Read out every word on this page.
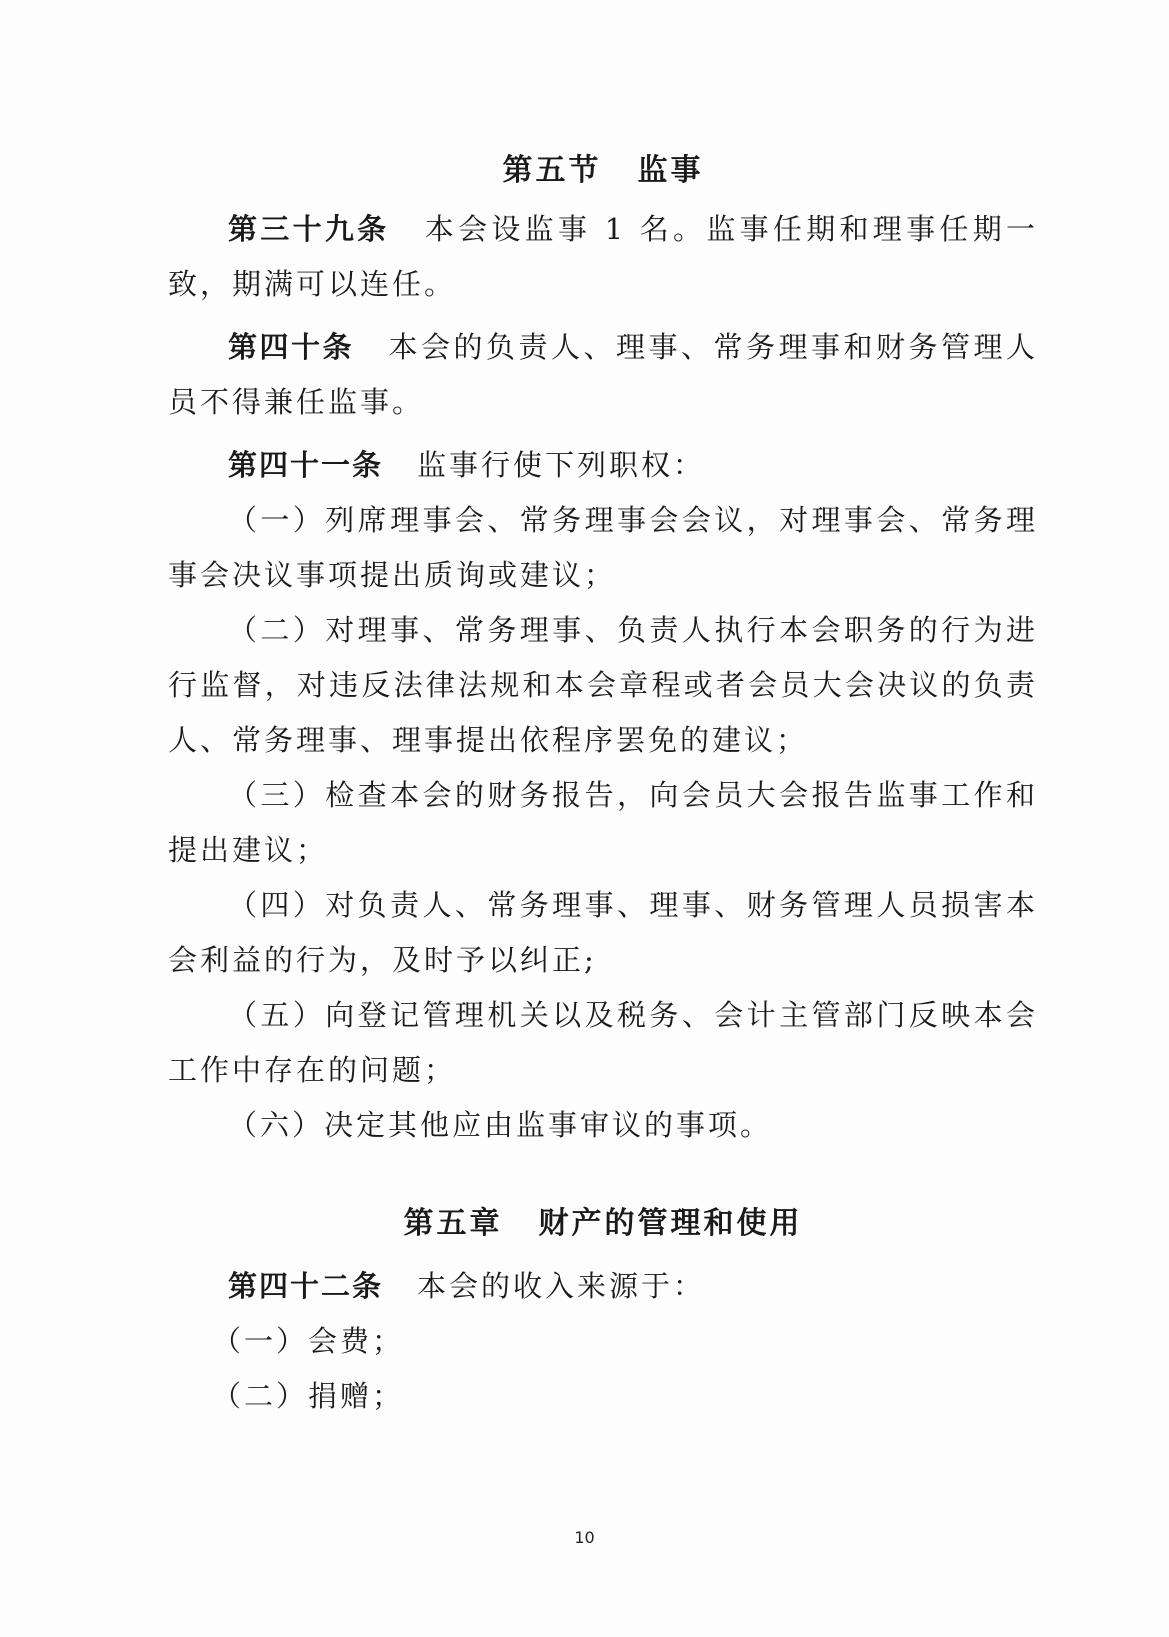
第五节 监事

第三十九条 本会设监事 1 名。监事任期和理事任期一致，期满可以连任。

第四十条 本会的负责人、理事、常务理事和财务管理人员不得兼任监事。

第四十一条 监事行使下列职权：

（一）列席理事会、常务理事会会议，对理事会、常务理事会决议事项提出质询或建议；

（二）对理事、常务理事、负责人执行本会职务的行为进行监督，对违反法律法规和本会章程或者会员大会决议的负责人、常务理事、理事提出依程序罢免的建议；

（三）检查本会的财务报告，向会员大会报告监事工作和提出建议；

（四）对负责人、常务理事、理事、财务管理人员损害本会利益的行为，及时予以纠正;

（五）向登记管理机关以及税务、会计主管部门反映本会工作中存在的问题；

（六）决定其他应由监事审议的事项。

第五章 财产的管理和使用

第四十二条 本会的收入来源于：

（一）会费；

（二）捐赠；

10
